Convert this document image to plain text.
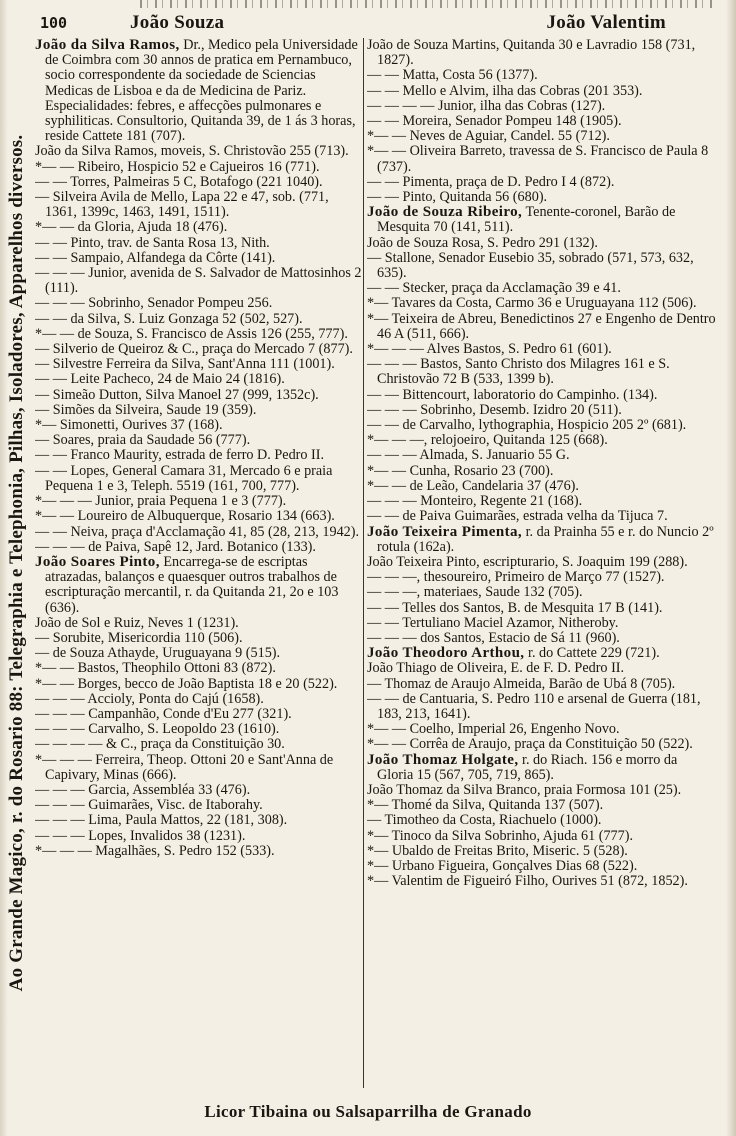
100	João Souza	João Valentim
Ao Grande Magico, r. do Rosario 88: Telegraphia e Telephonia, Pilhas, Isoladores, Apparelhos diversos.

João da Silva Ramos, Dr., Medico pela Universidade de Coimbra com 30 annos de pratica em Pernambuco, socio correspondente da sociedade de Sciencias Medicas de Lisboa e da de Medicina de Pariz. Especialidades: febres, e affecções pulmonares e syphiliticas. Consultorio, Quitanda 39, de 1 ás 3 horas, reside Cattete 181 (707).

João da Silva Ramos, moveis, S. Christovão 255 (713).

*— — Ribeiro, Hospicio 52 e Cajueiros 16 (771).

— — Torres, Palmeiras 5 C, Botafogo (221 1040).

— Silveira Avila de Mello, Lapa 22 e 47, sob. (771, 1361, 1399c, 1463, 1491, 1511).

*— — da Gloria, Ajuda 18 (476).

— — Pinto, trav. de Santa Rosa 13, Nith.

— — Sampaio, Alfandega da Côrte (141).

— — — Junior, avenida de S. Salvador de Mattosinhos 2 (111).

— — — Sobrinho, Senador Pompeu 256.

— — da Silva, S. Luiz Gonzaga 52 (502, 527).

*— — de Souza, S. Francisco de Assis 126 (255, 777).

— Silverio de Queiroz & C., praça do Mercado 7 (877).

— Silvestre Ferreira da Silva, Sant'Anna 111 (1001).

— — Leite Pacheco, 24 de Maio 24 (1816).

— Simeão Dutton, Silva Manoel 27 (999, 1352c).

— Simões da Silveira, Saude 19 (359).

*— Simonetti, Ourives 37 (168).

— Soares, praia da Saudade 56 (777).

— — Franco Maurity, estrada de ferro D. Pedro II.

— — Lopes, General Camara 31, Mercado 6 e praia Pequena 1 e 3, Teleph. 5519 (161, 700, 777).

*— — — Junior, praia Pequena 1 e 3 (777).

*— — Loureiro de Albuquerque, Rosario 134 (663).

— — Neiva, praça d'Acclamação 41, 85 (28, 213, 1942).

— — — de Paiva, Sapê 12, Jard. Botanico (133).

João Soares Pinto, Encarrega-se de escriptas atrazadas, balanços e quaesquer outros trabalhos de escripturação mercantil, r. da Quitanda 21, 2o e 103 (636).

João de Sol e Ruiz, Neves 1 (1231).

— Sorubite, Misericordia 110 (506).

— de Souza Athayde, Uruguayana 9 (515).

*— — Bastos, Theophilo Ottoni 83 (872).

*— — Borges, becco de João Baptista 18 e 20 (522).

— — — Accioly, Ponta do Cajú (1658).

— — — Campanhão, Conde d'Eu 277 (321).

— — — Carvalho, S. Leopoldo 23 (1610).

— — — — & C., praça da Constituição 30.

*— — — Ferreira, Theop. Ottoni 20 e Sant'Anna de Capivary, Minas (666).

— — — Garcia, Assembléa 33 (476).

— — — Guimarães, Visc. de Itaborahy.

— — — Lima, Paula Mattos, 22 (181, 308).

— — — Lopes, Invalidos 38 (1231).

*— — — Magalhães, S. Pedro 152 (533).

João de Souza Martins, Quitanda 30 e Lavradio 158 (731, 1827).

— — Matta, Costa 56 (1377).

— — Mello e Alvim, ilha das Cobras (201 353).

— — — — Junior, ilha das Cobras (127).

— — Moreira, Senador Pompeu 148 (1905).

*— — Neves de Aguiar, Candel. 55 (712).

*— — Oliveira Barreto, travessa de S. Francisco de Paula 8 (737).

— — Pimenta, praça de D. Pedro I 4 (872).

— — Pinto, Quitanda 56 (680).

João de Souza Ribeiro, Tenente-coronel, Barão de Mesquita 70 (141, 511).

João de Souza Rosa, S. Pedro 291 (132).

— Stallone, Senador Eusebio 35, sobrado (571, 573, 632, 635).

— — Stecker, praça da Acclamação 39 e 41.

*— Tavares da Costa, Carmo 36 e Uruguayana 112 (506).

*— Teixeira de Abreu, Benedictinos 27 e Engenho de Dentro 46 A (511, 666).

*— — — Alves Bastos, S. Pedro 61 (601).

— — — Bastos, Santo Christo dos Milagres 161 e S. Christovão 72 B (533, 1399 b).

— — Bittencourt, laboratorio do Campinho. (134).

— — — Sobrinho, Desemb. Izidro 20 (511).

— — de Carvalho, lythographia, Hospicio 205 2º (681).

*— — —, relojoeiro, Quitanda 125 (668).

— — — Almada, S. Januario 55 G.

*— — Cunha, Rosario 23 (700).

*— — de Leão, Candelaria 37 (476).

— — — Monteiro, Regente 21 (168).

— — de Paiva Guimarães, estrada velha da Tijuca 7.

João Teixeira Pimenta, r. da Prainha 55 e r. do Nuncio 2º rotula (162a).

João Teixeira Pinto, escripturario, S. Joaquim 199 (288).

— — —, thesoureiro, Primeiro de Março 77 (1527).

— — —, materiaes, Saude 132 (705).

— — Telles dos Santos, B. de Mesquita 17 B (141).

— — Tertuliano Maciel Azamor, Nitheroby.

— — — dos Santos, Estacio de Sá 11 (960).

João Theodoro Arthou, r. do Cattete 229 (721).

João Thiago de Oliveira, E. de F. D. Pedro II.

— Thomaz de Araujo Almeida, Barão de Ubá 8 (705).

— — de Cantuaria, S. Pedro 110 e arsenal de Guerra (181, 183, 213, 1641).

*— — Coelho, Imperial 26, Engenho Novo.

*— — Corrêa de Araujo, praça da Constituição 50 (522).

João Thomaz Holgate, r. do Riach. 156 e morro da Gloria 15 (567, 705, 719, 865).

João Thomaz da Silva Branco, praia Formosa 101 (25).

*— Thomé da Silva, Quitanda 137 (507).

— Timotheo da Costa, Riachuelo (1000).

*— Tinoco da Silva Sobrinho, Ajuda 61 (777).

*— Ubaldo de Freitas Brito, Miseric. 5 (528).

*— Urbano Figueira, Gonçalves Dias 68 (522).

*— Valentim de Figueiró Filho, Ourives 51 (872, 1852).

Licor Tibaina ou Salsaparrilha de Granado
